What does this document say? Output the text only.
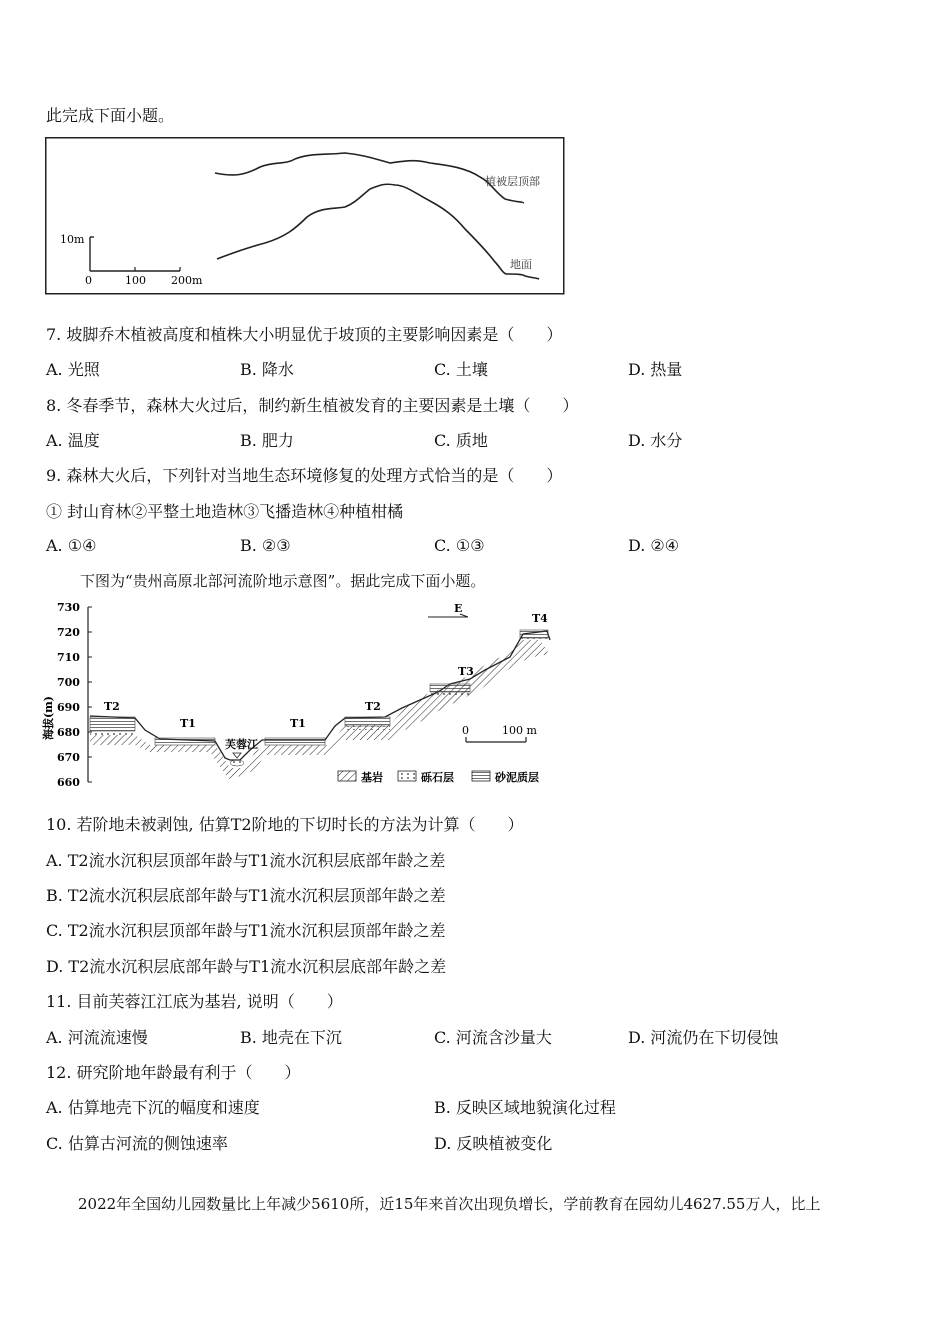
此完成下面小题。
植被层顶部
地面
10m
0	100 200m
7. 坡脚乔木植被高度和植株大小明显优于坡顶的主要影响因素是（　　）
A. 光照	B. 降水	C. 土壤	D. 热量
8. 冬春季节，森林大火过后，制约新生植被发育的主要因素是土壤（　　）
A. 温度	B. 肥力	C. 质地	D. 水分
9. 森林大火后，下列针对当地生态环境修复的处理方式恰当的是（　　）
① 封山育林②平整土地造林③飞播造林④种植柑橘
A. ①④	B. ②③	C. ①③	D. ②④
下图为“贵州高原北部河流阶地示意图”。据此完成下面小题。
730
720
710
700
690
680
670
660
海拔(m)	T2
T1	T1
T2
T3
T4
芙蓉江
E
0	100 m
基岩	砾石层	砂泥质层
10. 若阶地未被剥蚀, 估算T2阶地的下切时长的方法为计算（　　）
A. T2流水沉积层顶部年龄与T1流水沉积层底部年龄之差
B. T2流水沉积层底部年龄与T1流水沉积层顶部年龄之差
C. T2流水沉积层顶部年龄与T1流水沉积层顶部年龄之差
D. T2流水沉积层底部年龄与T1流水沉积层底部年龄之差
11. 目前芙蓉江江底为基岩, 说明（　　）
A. 河流流速慢	B. 地壳在下沉	C. 河流含沙量大	D. 河流仍在下切侵蚀
12. 研究阶地年龄最有利于（　　）
A. 估算地壳下沉的幅度和速度	B. 反映区域地貌演化过程
C. 估算古河流的侧蚀速率	D. 反映植被变化
2022年全国幼儿园数量比上年减少5610所，近15年来首次出现负增长，学前教育在园幼儿4627.55万人，比上
